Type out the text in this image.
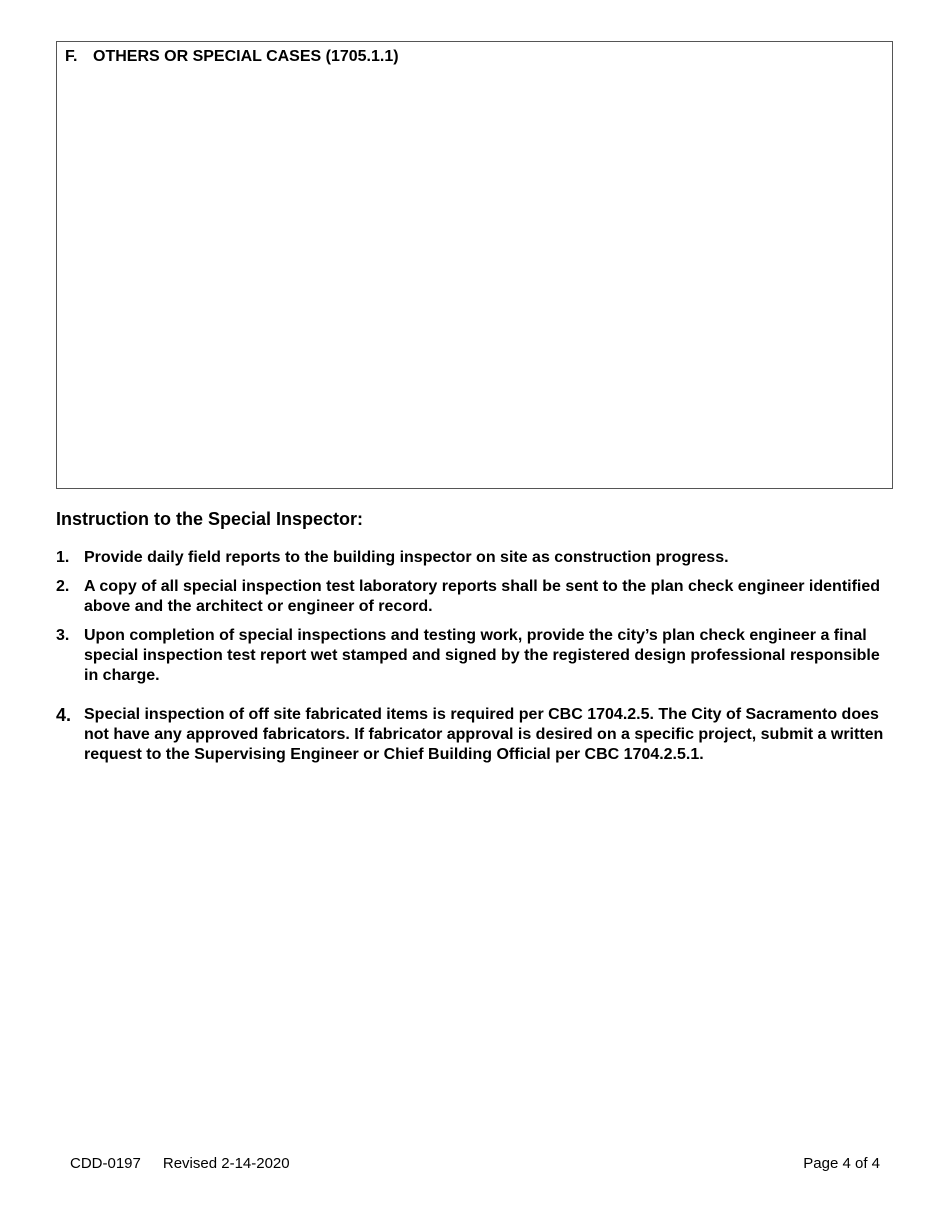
F. OTHERS OR SPECIAL CASES (1705.1.1)
Instruction to the Special Inspector:
1. Provide daily field reports to the building inspector on site as construction progress.
2. A copy of all special inspection test laboratory reports shall be sent to the plan check engineer identified above and the architect or engineer of record.
3. Upon completion of special inspections and testing work, provide the city’s plan check engineer a final special inspection test report wet stamped and signed by the registered design professional responsible in charge.
4. Special inspection of off site fabricated items is required per CBC 1704.2.5. The City of Sacramento does not have any approved fabricators. If fabricator approval is desired on a specific project, submit a written request to the Supervising Engineer or Chief Building Official per CBC 1704.2.5.1.
CDD-0197 Revised 2-14-2020	Page 4 of 4
